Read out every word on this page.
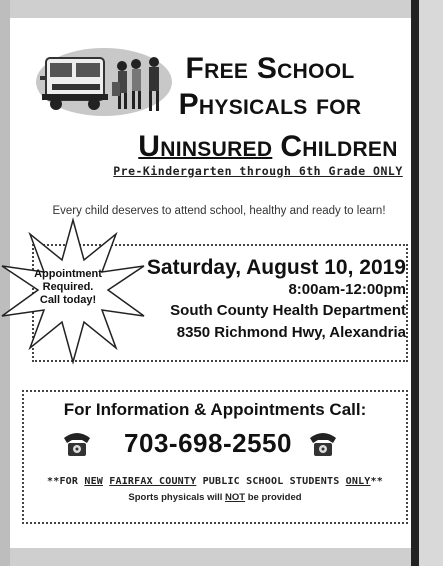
Free School
Physicals for
Uninsured Children
Pre-Kindergarten through 6th Grade ONLY
Every child deserves to attend school, healthy and ready to learn!
Appointment
Required.
Call today!
Saturday, August 10, 2019
8:00am-12:00pm
South County Health Department
8350 Richmond Hwy, Alexandria
For Information & Appointments Call:
703-698-2550
**FOR NEW FAIRFAX COUNTY PUBLIC SCHOOL STUDENTS ONLY**
Sports physicals will NOT be provided
